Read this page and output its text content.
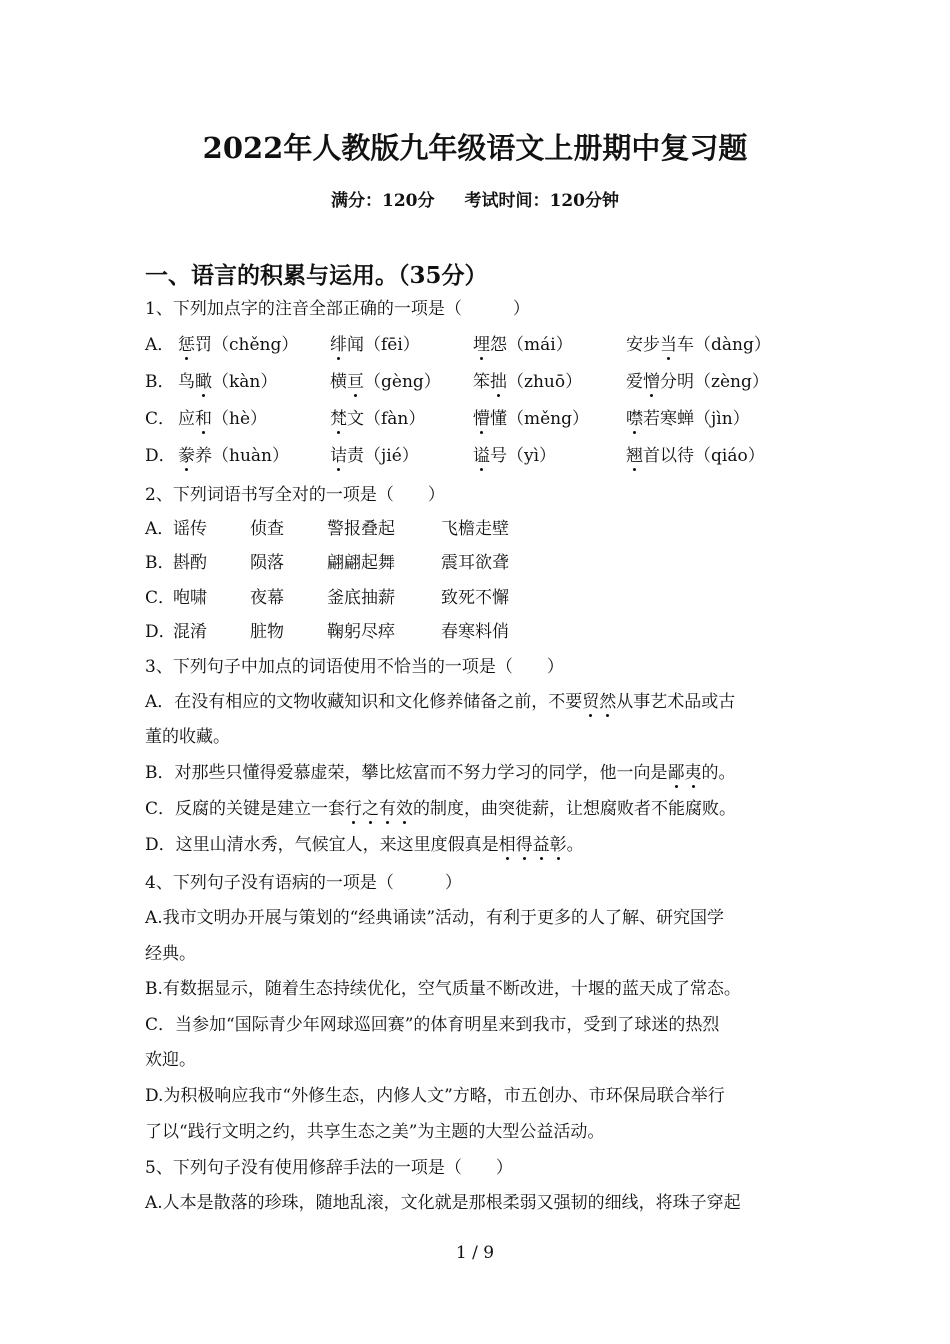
2022年人教版九年级语文上册期中复习题
满分：120分 考试时间：120分钟
一、语言的积累与运用。（35分）
1、下列加点字的注音全部正确的一项是（　　　）
A． 惩罚（chěng） 绯闻（fēi）	埋怨（mái）	安步当车（dàng）
B． 鸟瞰（kàn）	横亘（gèng） 笨拙（zhuō）	爱憎分明（zèng）
C． 应和（hè）	梵文（fàn）	懵懂（měng） 噤若寒蝉（jìn）
D． 豢养（huàn） 诘责（jié）	谥号（yì）	翘首以待（qiáo）
2、下列词语书写全对的一项是（　　）
A．
谣传	侦查	警报叠起	飞檐走壁
B．
斟酌	陨落	翩翩起舞	震耳欲聋
C．
咆啸	夜幕	釜底抽薪	致死不懈
D．
混淆	脏物	鞠躬尽瘁	春寒料俏
3、下列句子中加点的词语使用不恰当的一项是（　　）
A．在没有相应的文物收藏知识和文化修养储备之前，不要贸然从事艺术品或古
董的收藏。
B．对那些只懂得爱慕虚荣，攀比炫富而不努力学习的同学，他一向是鄙夷的。
C．反腐的关键是建立一套行之有效的制度，曲突徙薪，让想腐败者不能腐败。
D．这里山清水秀，气候宜人，来这里度假真是相得益彰。
4、下列句子没有语病的一项是（　　　）
A.我市文明办开展与策划的“经典诵读”活动，有利于更多的人了解、研究国学
经典。
B.有数据显示，随着生态持续优化，空气质量不断改进，十堰的蓝天成了常态。
C．当参加“国际青少年网球巡回赛”的体育明星来到我市，受到了球迷的热烈
欢迎。
D.为积极响应我市“外修生态，内修人文”方略，市五创办、市环保局联合举行
了以“践行文明之约，共享生态之美”为主题的大型公益活动。
5、下列句子没有使用修辞手法的一项是（　　）
A.人本是散落的珍珠，随地乱滚，文化就是那根柔弱又强韧的细线，将珠子穿起
1 / 9
